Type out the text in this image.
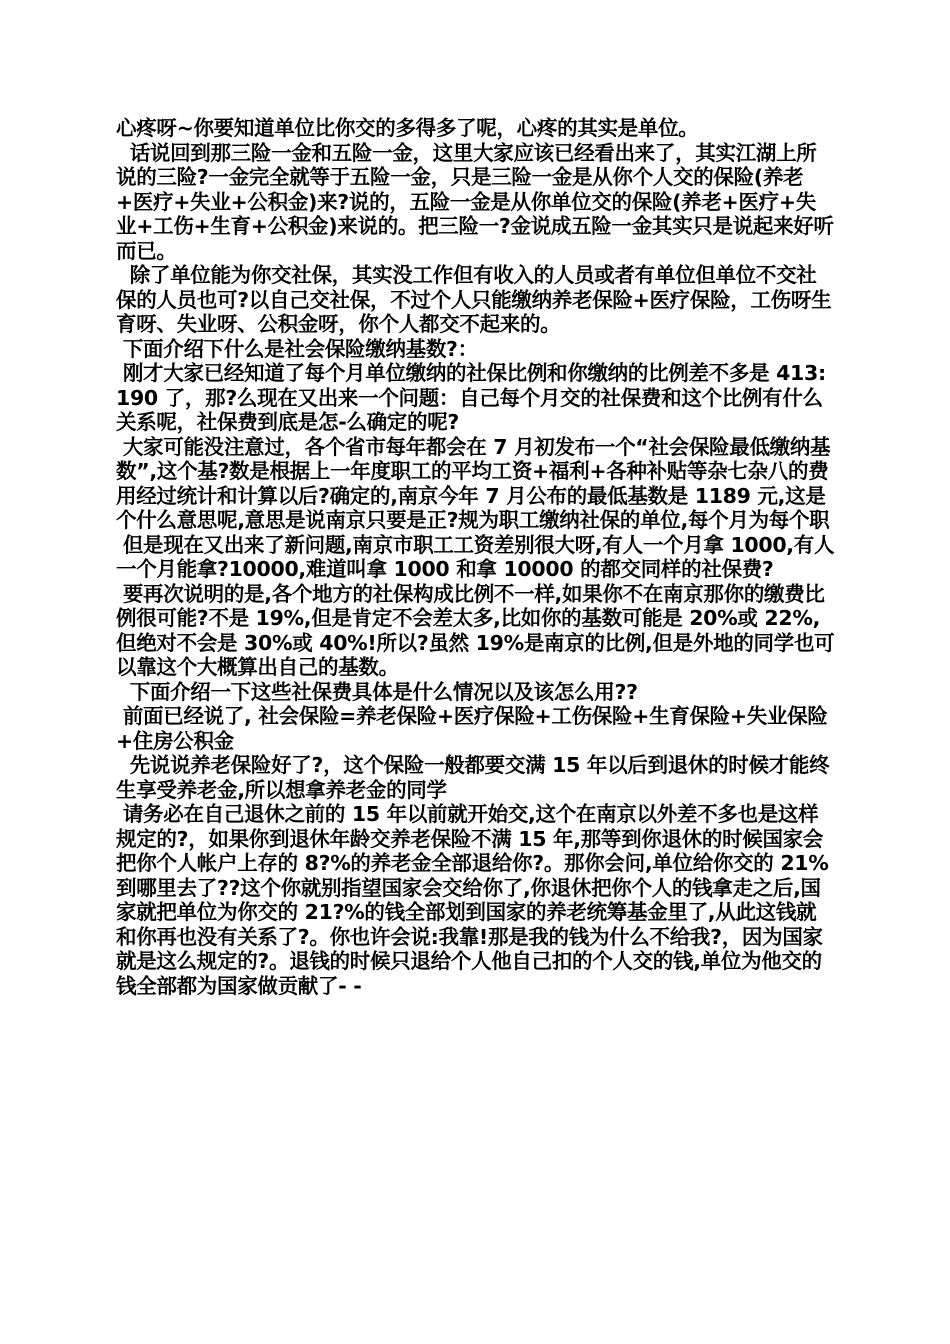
心疼呀~你要知道单位比你交的多得多了呢，心疼的其实是单位。

话说回到那三险一金和五险一金，这里大家应该已经看出来了，其实江湖上所说的三险?一金完全就等于五险一金，只是三险一金是从你个人交的保险(养老+医疗+失业+公积金)来?说的，五险一金是从你单位交的保险(养老+医疗+失业+工伤+生育+公积金)来说的。把三险一?金说成五险一金其实只是说起来好听而已。

除了单位能为你交社保，其实没工作但有收入的人员或者有单位但单位不交社保的人员也可?以自己交社保，不过个人只能缴纳养老保险+医疗保险，工伤呀生育呀、失业呀、公积金呀，你个人都交不起来的。

下面介绍下什么是社会保险缴纳基数?：

刚才大家已经知道了每个月单位缴纳的社保比例和你缴纳的比例差不多是 413:190 了，那?么现在又出来一个问题：自己每个月交的社保费和这个比例有什么关系呢，社保费到底是怎-么确定的呢?

大家可能没注意过，各个省市每年都会在 7 月初发布一个“社会保险最低缴纳基数”,这个基?数是根据上一年度职工的平均工资+福利+各种补贴等杂七杂八的费用经过统计和计算以后?确定的,南京今年 7 月公布的最低基数是 1189 元,这是个什么意思呢,意思是说南京只要是正?规为职工缴纳社保的单位,每个月为每个职

但是现在又出来了新问题,南京市职工工资差别很大呀,有人一个月拿 1000,有人一个月能拿?10000,难道叫拿 1000 和拿 10000 的都交同样的社保费?

要再次说明的是,各个地方的社保构成比例不一样,如果你不在南京那你的缴费比例很可能?不是 19%,但是肯定不会差太多,比如你的基数可能是 20%或 22%,但绝对不会是 30%或 40%!所以?虽然 19%是南京的比例,但是外地的同学也可以靠这个大概算出自己的基数。

下面介绍一下这些社保费具体是什么情况以及该怎么用??

前面已经说了, 社会保险=养老保险+医疗保险+工伤保险+生育保险+失业保险+住房公积金

先说说养老保险好了?，这个保险一般都要交满 15 年以后到退休的时候才能终生享受养老金,所以想拿养老金的同学

请务必在自己退休之前的 15 年以前就开始交,这个在南京以外差不多也是这样规定的?，如果你到退休年龄交养老保险不满 15 年,那等到你退休的时候国家会把你个人帐户上存的 8?%的养老金全部退给你?。那你会问,单位给你交的 21%到哪里去了??这个你就别指望国家会交给你了,你退休把你个人的钱拿走之后,国家就把单位为你交的 21?%的钱全部划到国家的养老统筹基金里了,从此这钱就和你再也没有关系了?。你也许会说:我靠!那是我的钱为什么不给我?，因为国家就是这么规定的?。退钱的时候只退给个人他自己扣的个人交的钱,单位为他交的钱全部都为国家做贡献了- -
